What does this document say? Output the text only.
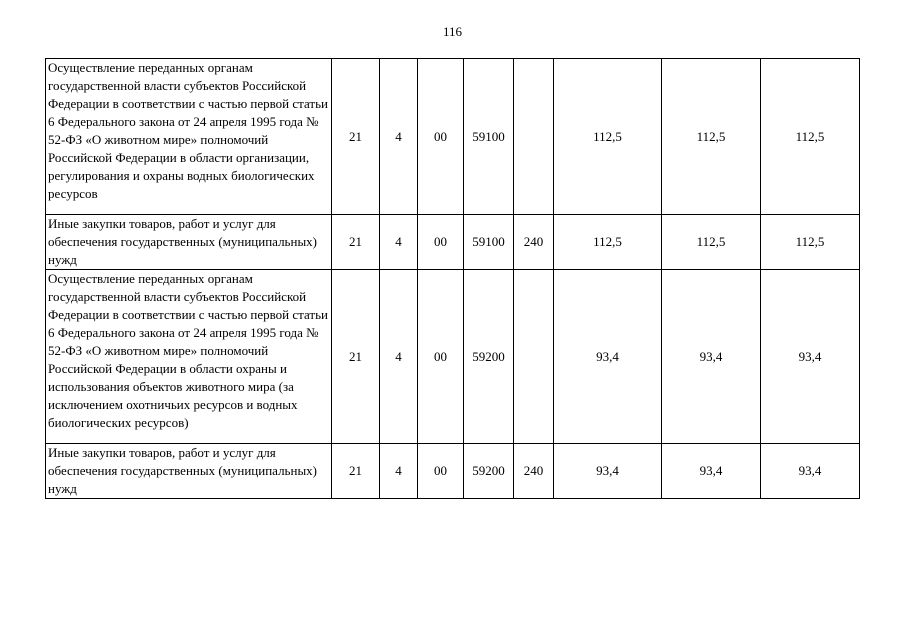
116
Осуществление переданных органам государственной власти субъектов Российской Федерации в соответствии с частью первой статьи 6 Федерального закона от 24 апреля 1995 года № 52-ФЗ «О животном мире» полномочий Российской Федерации в области организации, регулирования и охраны водных биологических ресурсов	21	4	00	59100		112,5	112,5	112,5
Иные закупки товаров, работ и услуг для обеспечения государственных (муниципальных) нужд	21	4	00	59100	240	112,5	112,5	112,5
Осуществление переданных органам государственной власти субъектов Российской Федерации в соответствии с частью первой статьи 6 Федерального закона от 24 апреля 1995 года № 52-ФЗ «О животном мире» полномочий Российской Федерации в области охраны и использования объектов животного мира (за исключением охотничьих ресурсов и водных биологических ресурсов)	21	4	00	59200		93,4	93,4	93,4
Иные закупки товаров, работ и услуг для обеспечения государственных (муниципальных) нужд	21	4	00	59200	240	93,4	93,4	93,4
